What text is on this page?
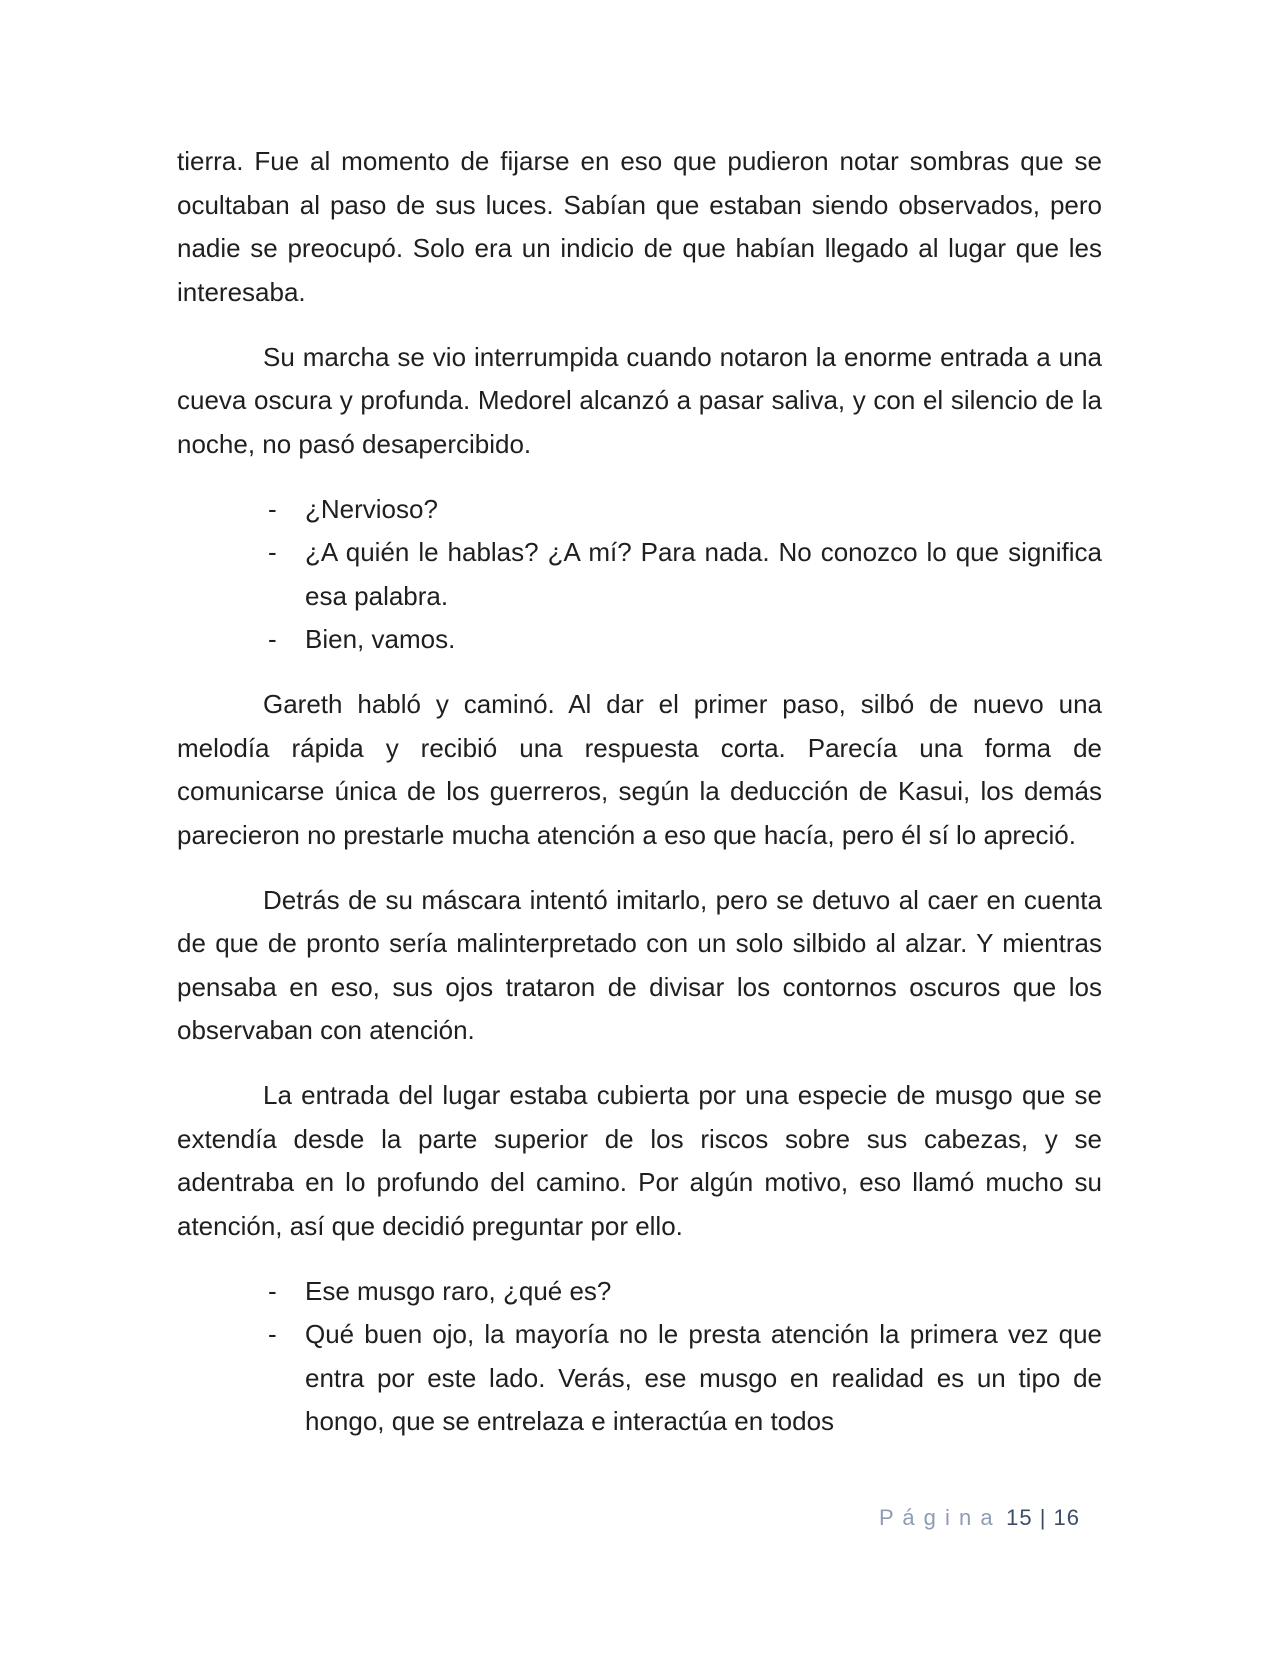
tierra. Fue al momento de fijarse en eso que pudieron notar sombras que se ocultaban al paso de sus luces. Sabían que estaban siendo observados, pero nadie se preocupó. Solo era un indicio de que habían llegado al lugar que les interesaba.

Su marcha se vio interrumpida cuando notaron la enorme entrada a una cueva oscura y profunda. Medorel alcanzó a pasar saliva, y con el silencio de la noche, no pasó desapercibido.

- ¿Nervioso?
- ¿A quién le hablas? ¿A mí? Para nada. No conozco lo que significa esa palabra.
- Bien, vamos.

Gareth habló y caminó. Al dar el primer paso, silbó de nuevo una melodía rápida y recibió una respuesta corta. Parecía una forma de comunicarse única de los guerreros, según la deducción de Kasui, los demás parecieron no prestarle mucha atención a eso que hacía, pero él sí lo apreció.

Detrás de su máscara intentó imitarlo, pero se detuvo al caer en cuenta de que de pronto sería malinterpretado con un solo silbido al alzar. Y mientras pensaba en eso, sus ojos trataron de divisar los contornos oscuros que los observaban con atención.

La entrada del lugar estaba cubierta por una especie de musgo que se extendía desde la parte superior de los riscos sobre sus cabezas, y se adentraba en lo profundo del camino. Por algún motivo, eso llamó mucho su atención, así que decidió preguntar por ello.

- Ese musgo raro, ¿qué es?
- Qué buen ojo, la mayoría no le presta atención la primera vez que entra por este lado. Verás, ese musgo en realidad es un tipo de hongo, que se entrelaza e interactúa en todos
P á g i n a 15 | 16
